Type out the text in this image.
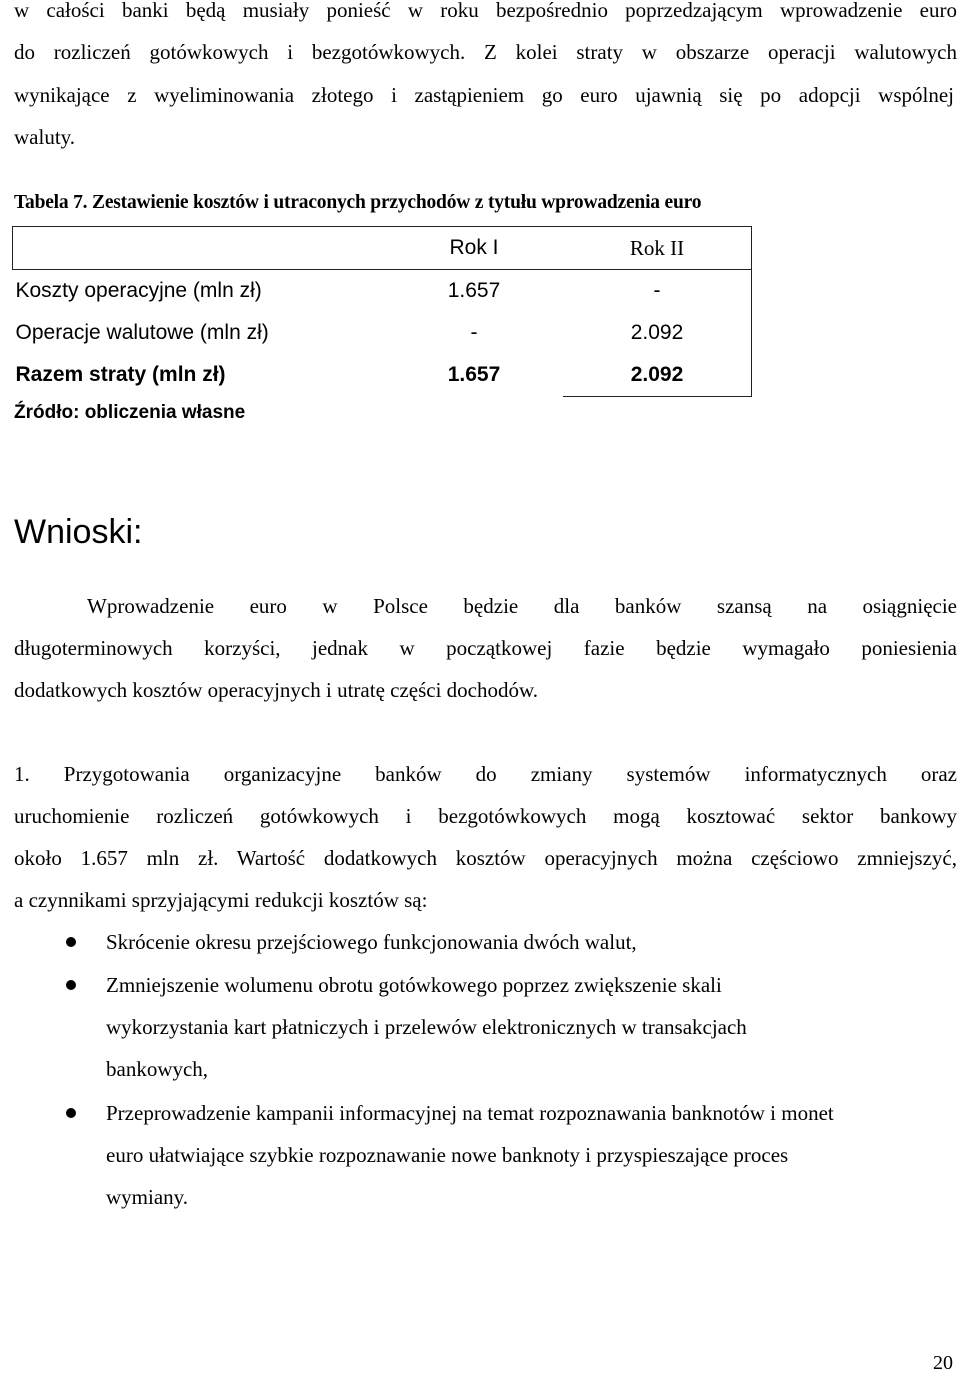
w całości banki będą musiały ponieść w roku bezpośrednio poprzedzającym wprowadzenie euro
do rozliczeń gotówkowych i bezgotówkowych. Z kolei straty w obszarze operacji walutowych
wynikające z wyeliminowania złotego i zastąpieniem go euro ujawnią się po adopcji wspólnej
waluty.
Tabela 7. Zestawienie kosztów i utraconych przychodów z tytułu wprowadzenia euro
	Rok I	Rok II
Koszty operacyjne (mln zł)	1.657	-
Operacje walutowe (mln zł)	-	2.092
Razem straty (mln zł)	1.657	2.092
Źródło: obliczenia własne
Wnioski:
Wprowadzenie euro w Polsce będzie dla banków szansą na osiągnięcie
długoterminowych korzyści, jednak w początkowej fazie będzie wymagało poniesienia
dodatkowych kosztów operacyjnych i utratę części dochodów.
1. Przygotowania organizacyjne banków do zmiany systemów informatycznych oraz
uruchomienie rozliczeń gotówkowych i bezgotówkowych mogą kosztować sektor bankowy
około 1.657 mln zł. Wartość dodatkowych kosztów operacyjnych można częściowo zmniejszyć,
a czynnikami sprzyjającymi redukcji kosztów są:
Skrócenie okresu przejściowego funkcjonowania dwóch walut,
Zmniejszenie wolumenu obrotu gotówkowego poprzez zwiększenie skali
wykorzystania kart płatniczych i przelewów elektronicznych w transakcjach
bankowych,
Przeprowadzenie kampanii informacyjnej na temat rozpoznawania banknotów i monet
euro ułatwiające szybkie rozpoznawanie nowe banknoty i przyspieszające proces
wymiany.
20
